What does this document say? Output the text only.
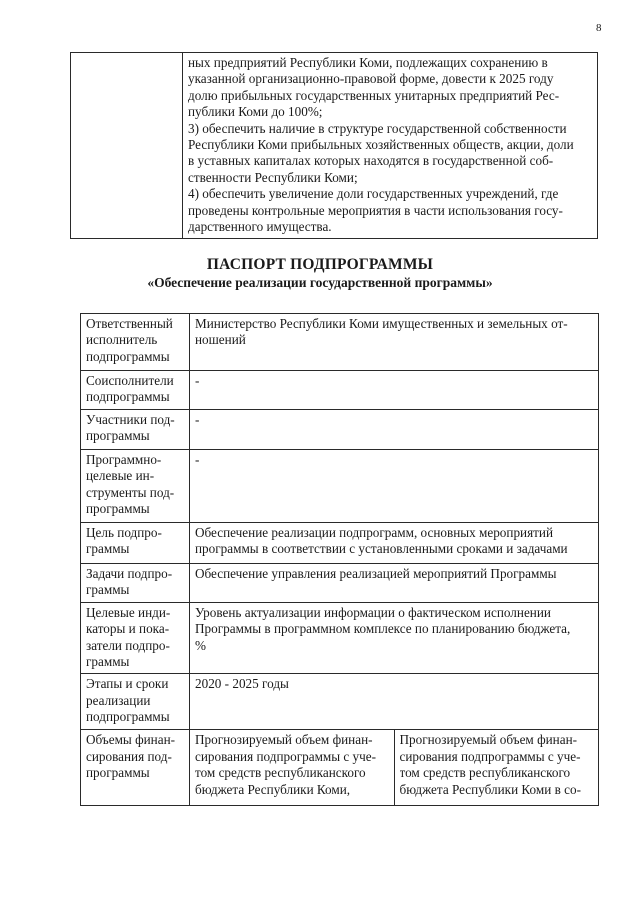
8

ных предприятий Республики Коми, подлежащих сохранению в
указанной организационно-правовой форме, довести к 2025 году
долю прибыльных государственных унитарных предприятий Рес-
публики Коми до 100%;
3) обеспечить наличие в структуре государственной собственности
Республики Коми прибыльных хозяйственных обществ, акции, доли
в уставных капиталах которых находятся в государственной соб-
ственности Республики Коми;
4) обеспечить увеличение доли государственных учреждений, где
проведены контрольные мероприятия в части использования госу-
дарственного имущества.
ПАСПОРТ ПОДПРОГРАММЫ
«Обеспечение реализации государственной программы»
Ответственный
исполнитель
подпрограммы	Министерство Республики Коми имущественных и земельных от-
ношений	

Соисполнители
подпрограммы	-	

Участники под-
программы	-	

Программно-
целевые ин-
струменты под-
программы	-	

Цель подпро-
граммы	Обеспечение реализации подпрограмм, основных мероприятий
программы в соответствии с установленными сроками и задачами	

Задачи подпро-
граммы	Обеспечение управления реализацией мероприятий Программы	

Целевые инди-
каторы и пока-
затели подпро-
граммы	Уровень актуализации информации о фактическом исполнении
Программы в программном комплексе по планированию бюджета,
%	

Этапы и сроки
реализации
подпрограммы	2020 - 2025 годы	

Объемы финан-
сирования под-
программы	Прогнозируемый объем финан-
сирования подпрограммы с уче-
том средств республиканского
бюджета Республики Коми,	Прогнозируемый объем финан-
сирования подпрограммы с уче-
том средств республиканского
бюджета Республики Коми в со-
